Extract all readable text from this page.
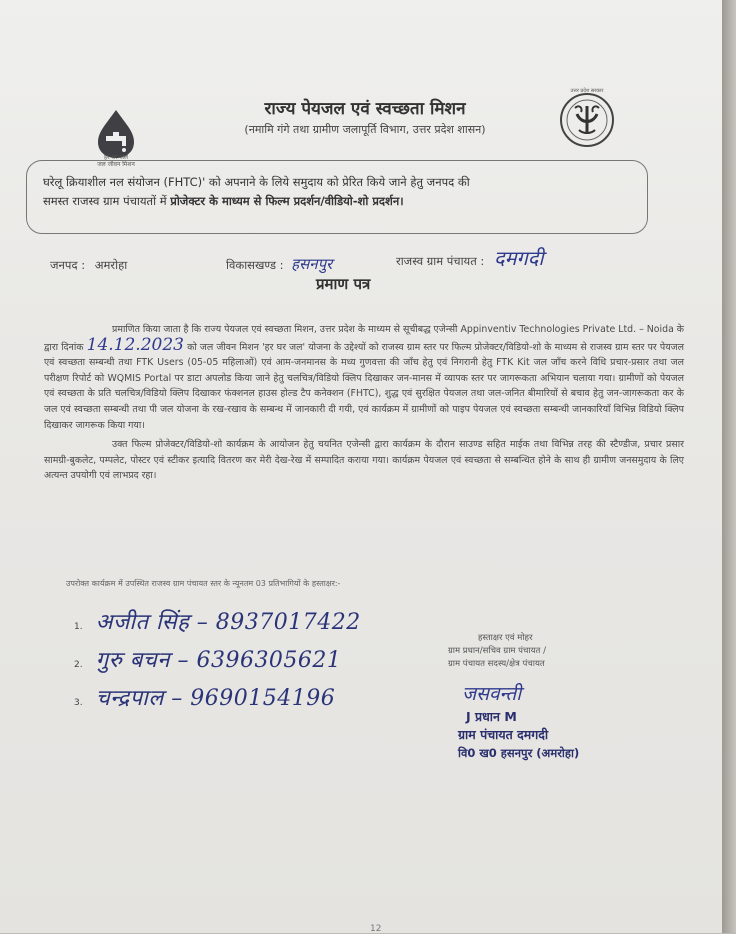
हर घर जल
जल जीवन मिशन
उत्तर प्रदेश सरकार
राज्य पेयजल एवं स्वच्छता मिशन
(नमामि गंगे तथा ग्रामीण जलापूर्ति विभाग, उत्तर प्रदेश शासन)
घरेलू क्रियाशील नल संयोजन (FHTC)' को अपनाने के लिये समुदाय को प्रेरित किये जाने हेतु जनपद की
समस्त राजस्व ग्राम पंचायतों में प्रोजेक्टर के माध्यम से फिल्म प्रदर्शन/वीडियो-शो प्रदर्शन।
जनपद : अमरोहा	विकासखण्ड : हसनपुर	राजस्व ग्राम पंचायत : दमगदी
प्रमाण पत्र

प्रमाणित किया जाता है कि राज्य पेयजल एवं स्वच्छता मिशन, उत्तर प्रदेश के माध्यम से सूचीबद्ध एजेन्सी Appinventiv Technologies Private Ltd. – Noida के द्वारा दिनांक 14.12.2023 को जल जीवन मिशन 'हर घर जल' योजना के उद्देश्यों को राजस्व ग्राम स्तर पर फिल्म प्रोजेक्टर/विडियो-शो के माध्यम से राजस्व ग्राम स्तर पर पेयजल एवं स्वच्छता सम्बन्धी तथा FTK Users (05-05 महिलाओं) एवं आम-जनमानस के मध्य गुणवत्ता की जाँच हेतु एवं निगरानी हेतु FTK Kit जल जाँच करने विधि प्रचार-प्रसार तथा जल परीक्षण रिपोर्ट को WQMIS Portal पर डाटा अपलोड किया जाने हेतु चलचित्र/विडियो क्लिप दिखाकर जन-मानस में व्यापक स्तर पर जागरूकता अभियान चलाया गया। ग्रामीणों को पेयजल एवं स्वच्छता के प्रति चलचित्र/विडियो क्लिप दिखाकर फंक्शनल हाउस होल्ड टैप कनेक्शन (FHTC), शुद्ध एवं सुरक्षित पेयजल तथा जल-जनित बीमारियों से बचाव हेतु जन-जागरूकता कर के जल एवं स्वच्छता सम्बन्धी तथा पी जल योजना के रख-रखाव के सम्बन्ध में जानकारी दी गयी, एवं कार्यक्रम में ग्रामीणों को पाइप पेयजल एवं स्वच्छता सम्बन्धी जानकारियाँ विभिन्न विडियो क्लिप दिखाकर जागरूक किया गया।

उक्त फिल्म प्रोजेक्टर/विडियो-शो कार्यक्रम के आयोजन हेतु चयनित एजेन्सी द्वारा कार्यक्रम के दौरान साउण्ड सहित माईक तथा विभिन्न तरह की स्टैण्डीज, प्रचार प्रसार सामग्री-बुकलेट, पम्पलेट, पोस्टर एवं स्टीकर इत्यादि वितरण कर मेरी देख-रेख में सम्पादित कराया गया। कार्यक्रम पेयजल एवं स्वच्छता से सम्बन्धित होने के साथ ही ग्रामीण जनसमुदाय के लिए अत्यन्त उपयोगी एवं लाभप्रद रहा।

उपरोक्त कार्यक्रम में उपस्थित राजस्व ग्राम पंचायत स्तर के न्यूनतम 03 प्रतिभागियों के हस्ताक्षर:-
1. अजीत सिंह – 8937017422
2. गुरु बचन – 6396305621
3. चन्द्रपाल – 9690154196
हस्ताक्षर एवं मोहर
ग्राम प्रधान/सचिव ग्राम पंचायत /
ग्राम पंचायत सदस्य/क्षेत्र पंचायत
जसवन्ती
J प्रधान M
ग्राम पंचायत दमगदी
वि0 ख0 हसनपुर (अमरोहा)
12
